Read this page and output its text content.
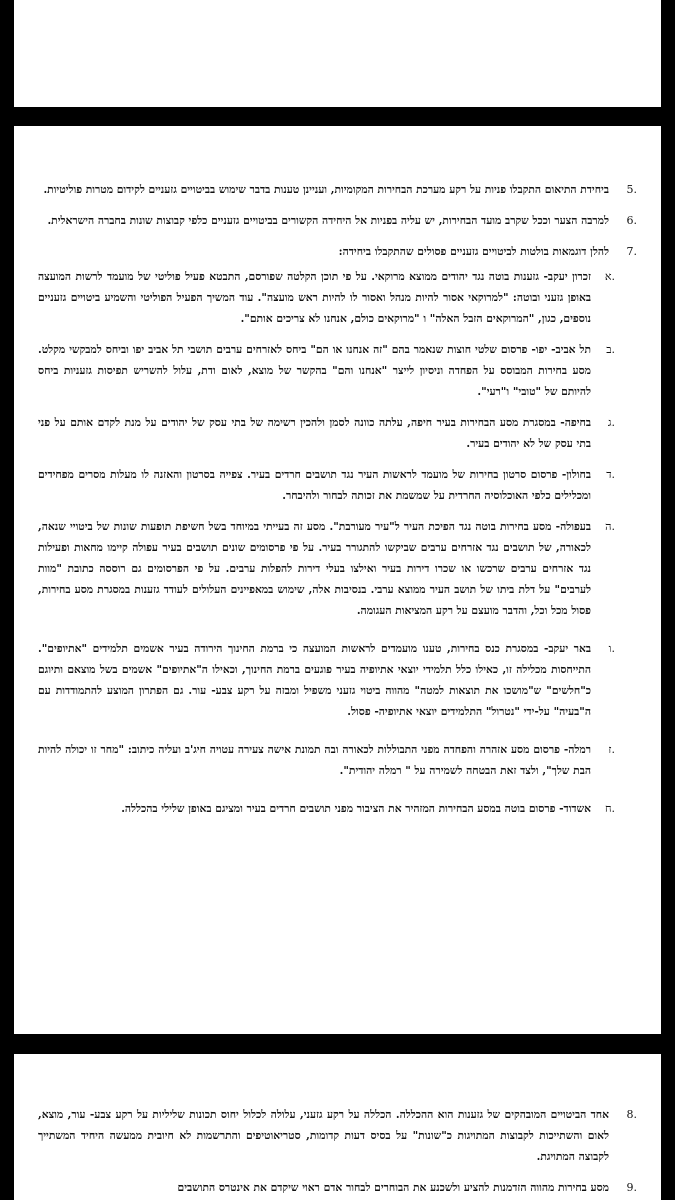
5.
ביחידת התיאום התקבלו פניות על רקע מערכת הבחירות המקומיות, ועניינן טענות בדבר שימוש בביטויים גזעניים לקידום מטרות פוליטיות.
6.
למרבה הצער וככל שקרב מועד הבחירות, יש עליה בפניות אל היחידה הקשורים בביטויים גזעניים כלפי קבוצות שונות בחברה הישראלית.
7.
להלן דוגמאות בולטות לביטויים גזעניים פסולים שהתקבלו ביחידה:
א.
זכרון יעקב- גזענות בוטה נגד יהודים ממוצא מרוקאי. על פי תוכן הקלטה שפורסם, התבטא פעיל פוליטי של מועמד לרשות המועצה באופן גזעני ובוטה: "למרוקאי אסור להיות מנהל ואסור לו להיות ראש מועצה". עוד המשיך הפעיל הפוליטי והשמיע ביטויים גזעניים נוספים, כגון, "המרוקאים הזבל האלה" ו "מרוקאים כולם, אנחנו לא צריכים אותם".
ב.
תל אביב- יפו- פרסום שלטי חוצות שנאמר בהם "זה אנחנו או הם" ביחס לאזרחים ערבים תושבי תל אביב יפו וביחס למבקשי מקלט. מסע בחירות המבוסס על הפחדה וניסיון לייצר "אנחנו והם" בהקשר של מוצא, לאום ודת, עלול להשריש תפיסות גזעניות ביחס להיותם של "טובי" ו"רעי".
ג.
בחיפה- במסגרת מסע הבחירות בעיר חיפה, עלתה כוונה לסמן ולהכין רשימה של בתי עסק של יהודים על מנת לקדם אותם על פני בתי עסק של לא יהודים בעיר.
ד.
בחולון- פרסום סרטון בחירות של מועמד לראשות העיר נגד תושבים חרדים בעיר. צפייה בסרטון והאזנה לו מעלות מסרים מפחידים ומכלילים כלפי האוכלוסיה החרדית על שמשמת את זכותה לבחור ולהיבחר.
ה.
בעפולה- מסע בחירות בוטה נגד הפיכת העיר ל"עיר מעורבת". מסע זה בעייתי במיוחד בשל חשיפת תופעות שונות של ביטויי שנאה, לכאורה, של תושבים נגד אזרחים ערבים שביקשו להתגורר בעיר. על פי פרסומים שונים תושבים בעיר עפולה קיימו מחאות ופעילות נגד אזרחים ערבים שרכשו או שכרו דירות בעיר ואילצו בעלי דירות להפלות ערבים. על פי הפרסומים גם רוססה כתובת "מוות לערבים" על דלת ביתו של תושב העיר ממוצא ערבי. בנסיבות אלה, שימוש במאפיינים העלולים לעודד גזענות במסגרת מסע בחירות, פסול מכל וכל, והדבר מועצם על רקע המציאות העגומה.
ו.
באר יעקב- במסגרת כנס בחירות, טענו מועמדים לראשות המועצה כי ברמת החינוך הירודה בעיר אשמים תלמידים "אתיופים". התייחסות מכלילה זו, כאילו כלל תלמידי יוצאי אתיופיה בעיר פוגעים ברמת החינוך, וכאילו ה"אתיופים" אשמים בשל מוצאם ותיוגם כ"חלשים" ש"מושכו את תוצאות למטה" מהווה ביטוי גזעני משפיל ומבזה על רקע צבע- עור. גם הפתרון המוצע להתמודדות עם ה"בעיה" על-ידי "נטרול" התלמידים יוצאי אתיופיה- פסול.
ז.
רמלה- פרסום מסע אזהרה והפחדה מפני התבוללות לכאורה ובה תמונת אישה צעירה עטויה חיג'ב ועליה כיתוב: "מחר זו יכולה להיות הבת שלך", ולצד זאת הבטחה לשמירה על " רמלה יהודית".
ח.
אשדוד- פרסום בוטה במסע הבחירות המזהיר את הציבור מפני תושבים חרדים בעיר ומציגם באופן שלילי בהכללה.
8.
אחד הביטויים המובהקים של גזענות הוא ההכללה. הכללה על רקע גזעני, עלולה לכלול יחוס תכונות שליליות על רקע צבע- עור, מוצא, לאום והשתייכות לקבוצות המתויגות כ"שונות" על בסיס דעות קדומות, סטריאוטיפים והתרשמות לא חיובית ממעשה היחיד המשתייך לקבוצה המתויגת.
9.
מסע בחירות מהווה הזדמנות להציע ולשכנע את הבוחרים לבחור אדם ראוי שיקדם את אינטרס התושבים
